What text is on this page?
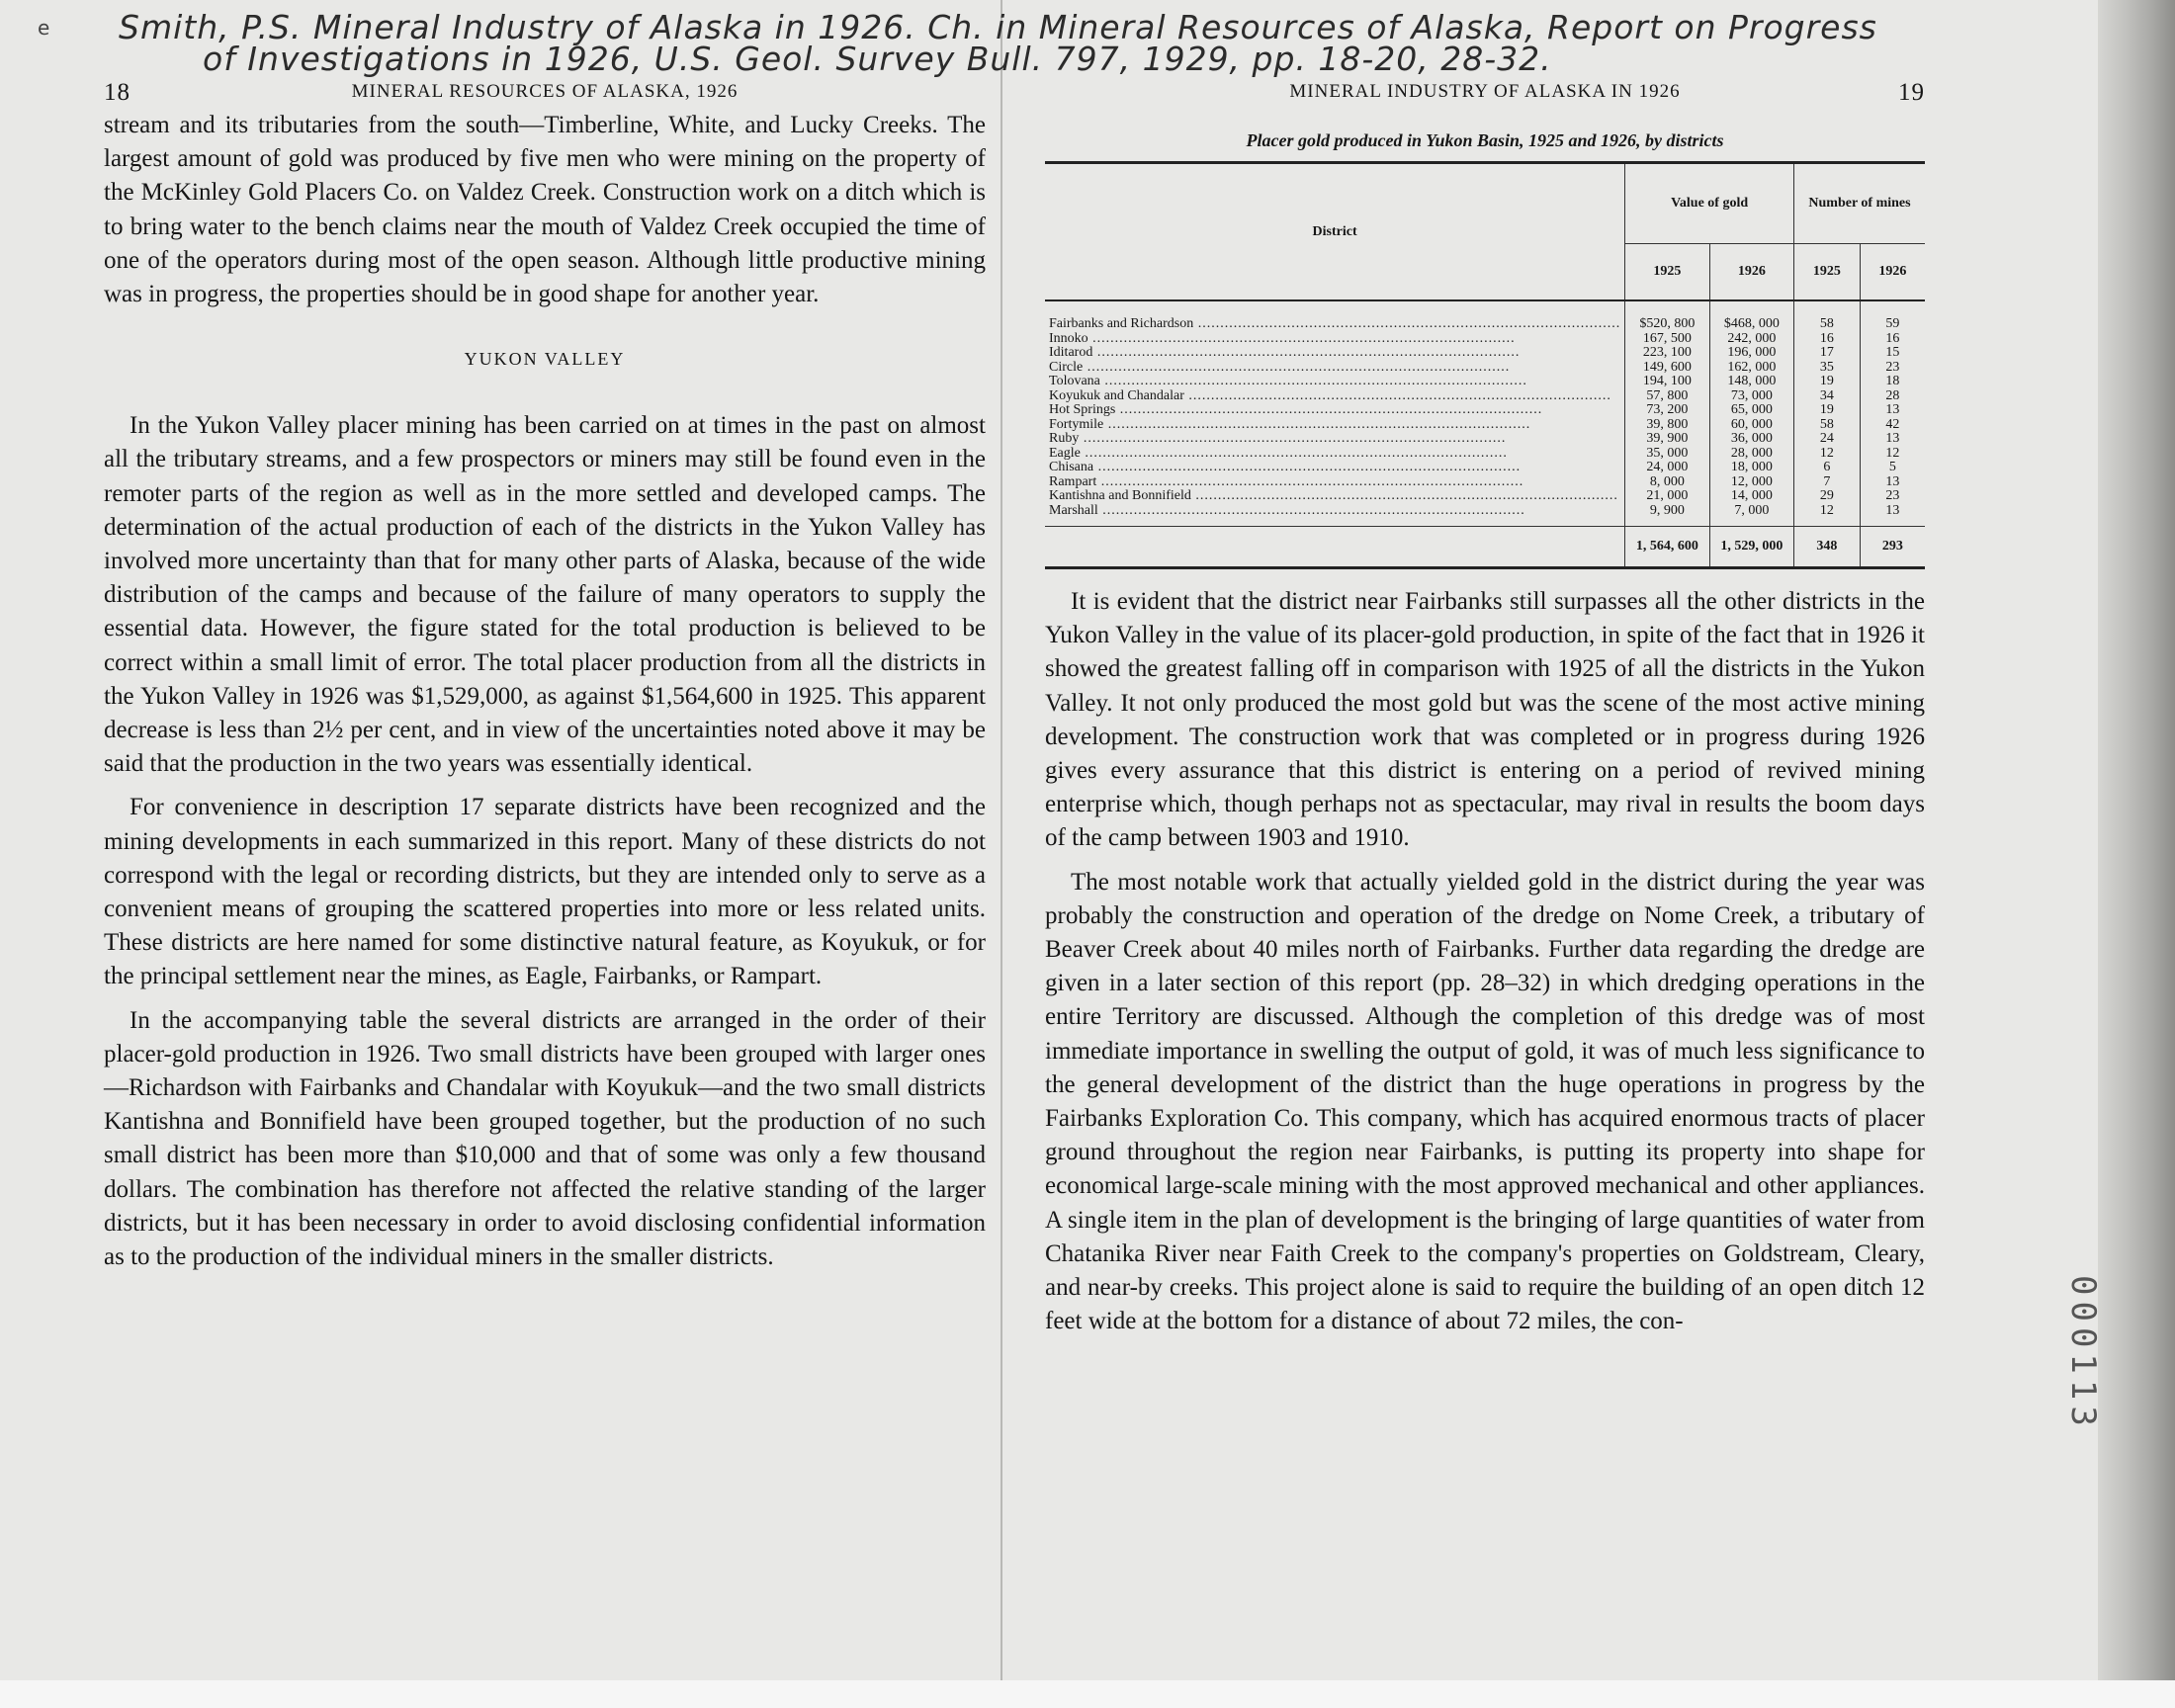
e Smith, P.S. Mineral Industry of Alaska in 1926. Ch. in Mineral Resources of Alaska, Report on Progress

of Investigations in 1926, U.S. Geol. Survey Bull. 797, 1929, pp. 18-20, 28-32.

18	MINERAL RESOURCES OF ALASKA, 1926

stream and its tributaries from the south—Timberline, White, and Lucky Creeks. The largest amount of gold was produced by five men who were mining on the property of the McKinley Gold Placers Co. on Valdez Creek. Construction work on a ditch which is to bring water to the bench claims near the mouth of Valdez Creek occupied the time of one of the operators during most of the open season. Although little productive mining was in progress, the properties should be in good shape for another year.

YUKON VALLEY

In the Yukon Valley placer mining has been carried on at times in the past on almost all the tributary streams, and a few prospectors or miners may still be found even in the remoter parts of the region as well as in the more settled and developed camps. The determination of the actual production of each of the districts in the Yukon Valley has involved more uncertainty than that for many other parts of Alaska, because of the wide distribution of the camps and because of the failure of many operators to supply the essential data. However, the figure stated for the total production is believed to be correct within a small limit of error. The total placer production from all the districts in the Yukon Valley in 1926 was $1,529,000, as against $1,564,600 in 1925. This apparent decrease is less than 2½ per cent, and in view of the uncertainties noted above it may be said that the production in the two years was essentially identical.

For convenience in description 17 separate districts have been recognized and the mining developments in each summarized in this report. Many of these districts do not correspond with the legal or recording districts, but they are intended only to serve as a convenient means of grouping the scattered properties into more or less related units. These districts are here named for some distinctive natural feature, as Koyukuk, or for the principal settlement near the mines, as Eagle, Fairbanks, or Rampart.

In the accompanying table the several districts are arranged in the order of their placer-gold production in 1926. Two small districts have been grouped with larger ones—Richardson with Fairbanks and Chandalar with Koyukuk—and the two small districts Kantishna and Bonnifield have been grouped together, but the production of no such small district has been more than $10,000 and that of some was only a few thousand dollars. The combination has therefore not affected the relative standing of the larger districts, but it has been necessary in order to avoid disclosing confidential information as to the production of the individual miners in the smaller districts.

MINERAL INDUSTRY OF ALASKA IN 1926	19
Placer gold produced in Yukon Basin, 1925 and 1926, by districts
District	Value of gold		Number of mines	
	1925	1926	1925	1926
Fairbanks and Richardson .....	$520, 800	$468, 000	58	59
Innoko .....	167, 500	242, 000	16	16
Iditarod .....	223, 100	196, 000	17	15
Circle .....	149, 600	162, 000	35	23
Tolovana .....	194, 100	148, 000	19	18
Koyukuk and Chandalar .....	57, 800	73, 000	34	28
Hot Springs .....	73, 200	65, 000	19	13
Fortymile .....	39, 800	60, 000	58	42
Ruby .....	39, 900	36, 000	24	13
Eagle .....	35, 000	28, 000	12	12
Chisana .....	24, 000	18, 000	6	5
Rampart .....	8, 000	12, 000	7	13
Kantishna and Bonnifield .....	21, 000	14, 000	29	23
Marshall .....	9, 900	7, 000	12	13
	1, 564, 600	1, 529, 000	348	293

It is evident that the district near Fairbanks still surpasses all the other districts in the Yukon Valley in the value of its placer-gold production, in spite of the fact that in 1926 it showed the greatest falling off in comparison with 1925 of all the districts in the Yukon Valley. It not only produced the most gold but was the scene of the most active mining development. The construction work that was completed or in progress during 1926 gives every assurance that this district is entering on a period of revived mining enterprise which, though perhaps not as spectacular, may rival in results the boom days of the camp between 1903 and 1910.

The most notable work that actually yielded gold in the district during the year was probably the construction and operation of the dredge on Nome Creek, a tributary of Beaver Creek about 40 miles north of Fairbanks. Further data regarding the dredge are given in a later section of this report (pp. 28–32) in which dredging operations in the entire Territory are discussed. Although the completion of this dredge was of most immediate importance in swelling the output of gold, it was of much less significance to the general development of the district than the huge operations in progress by the Fairbanks Exploration Co. This company, which has acquired enormous tracts of placer ground throughout the region near Fairbanks, is putting its property into shape for economical large-scale mining with the most approved mechanical and other appliances. A single item in the plan of development is the bringing of large quantities of water from Chatanika River near Faith Creek to the company's properties on Goldstream, Cleary, and near-by creeks. This project alone is said to require the building of an open ditch 12 feet wide at the bottom for a distance of about 72 miles, the con-	000113
